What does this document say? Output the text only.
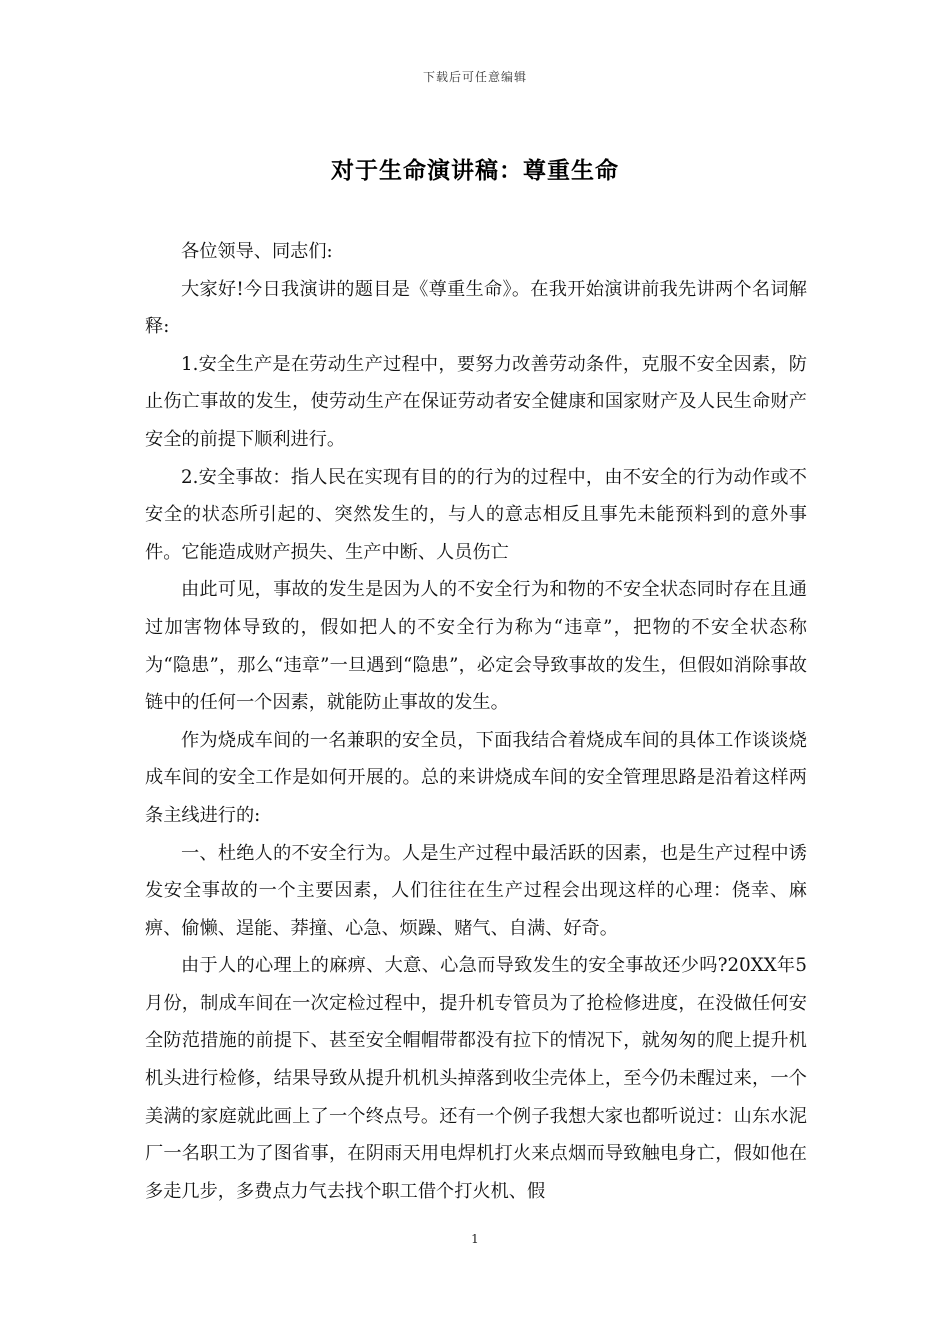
下载后可任意编辑
对于生命演讲稿：尊重生命

各位领导、同志们:

大家好!今日我演讲的题目是《尊重生命》。在我开始演讲前我先讲两个名词解释:

1.安全生产是在劳动生产过程中，要努力改善劳动条件，克服不安全因素，防止伤亡事故的发生，使劳动生产在保证劳动者安全健康和国家财产及人民生命财产安全的前提下顺利进行。

2.安全事故：指人民在实现有目的的行为的过程中，由不安全的行为动作或不安全的状态所引起的、突然发生的，与人的意志相反且事先未能预料到的意外事件。它能造成财产损失、生产中断、人员伤亡

由此可见，事故的发生是因为人的不安全行为和物的不安全状态同时存在且通过加害物体导致的，假如把人的不安全行为称为“违章”，把物的不安全状态称为“隐患”，那么“违章”一旦遇到“隐患”，必定会导致事故的发生，但假如消除事故链中的任何一个因素，就能防止事故的发生。

作为烧成车间的一名兼职的安全员，下面我结合着烧成车间的具体工作谈谈烧成车间的安全工作是如何开展的。总的来讲烧成车间的安全管理思路是沿着这样两条主线进行的:

一、杜绝人的不安全行为。人是生产过程中最活跃的因素，也是生产过程中诱发安全事故的一个主要因素，人们往往在生产过程会出现这样的心理：侥幸、麻痹、偷懒、逞能、莽撞、心急、烦躁、赌气、自满、好奇。

由于人的心理上的麻痹、大意、心急而导致发生的安全事故还少吗?20XX年5月份，制成车间在一次定检过程中，提升机专管员为了抢检修进度，在没做任何安全防范措施的前提下、甚至安全帽帽带都没有拉下的情况下，就匆匆的爬上提升机机头进行检修，结果导致从提升机机头掉落到收尘壳体上，至今仍未醒过来，一个美满的家庭就此画上了一个终点号。还有一个例子我想大家也都听说过：山东水泥厂一名职工为了图省事，在阴雨天用电焊机打火来点烟而导致触电身亡，假如他在多走几步，多费点力气去找个职工借个打火机、假

1
